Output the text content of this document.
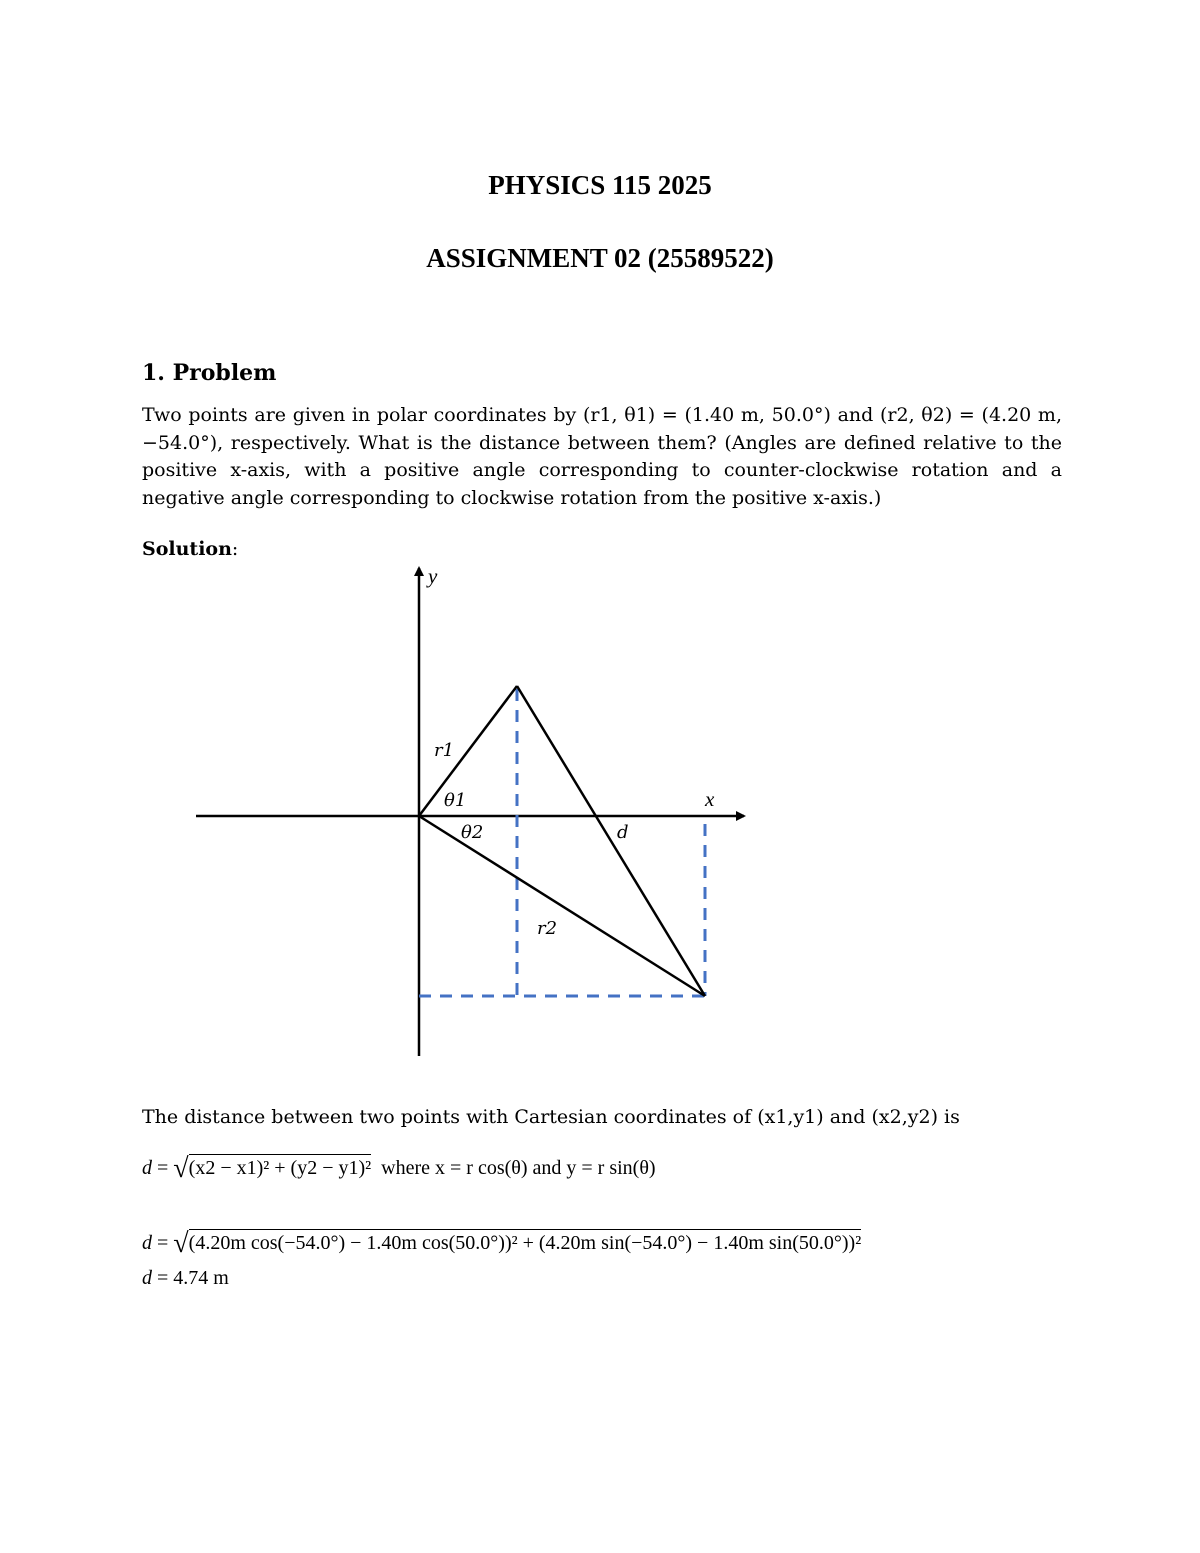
PHYSICS 115 2025
ASSIGNMENT 02 (25589522)
1. Problem

Two points are given in polar coordinates by (r1, θ1) = (1.40 m, 50.0°) and (r2, θ2) = (4.20 m, −54.0°), respectively. What is the distance between them? (Angles are defined relative to the positive x-axis, with a positive angle corresponding to counter-clockwise rotation and a negative angle corresponding to clockwise rotation from the positive x-axis.)

Solution:

y
x
r1
θ1
θ2	d
r2

The distance between two points with Cartesian coordinates of (x1,y1) and (x2,y2) is

d = √(x2 − x1)² + (y2 − y1)² where x = r cos(θ) and y = r sin(θ)
d = √(4.20m cos(−54.0°) − 1.40m cos(50.0°))² + (4.20m sin(−54.0°) − 1.40m sin(50.0°))²
d = 4.74 m
